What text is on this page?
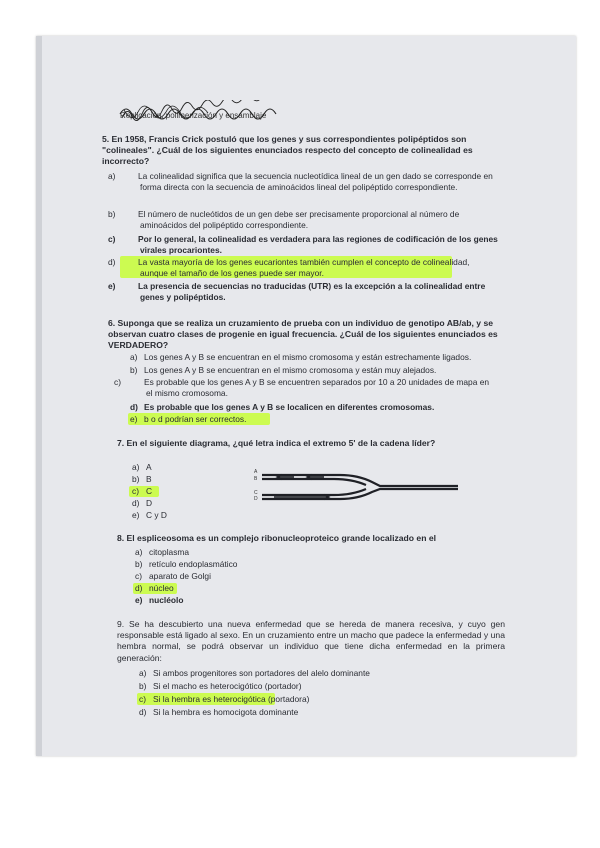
Replicación, polimerización y ensamblaje
5. En 1958, Francis Crick postuló que los genes y sus correspondientes polipéptidos son "colineales". ¿Cuál de los siguientes enunciados respecto del concepto de colinealidad es incorrecto?
a)	La colinealidad significa que la secuencia nucleotídica lineal de un gen dado se corresponde en forma directa con la secuencia de aminoácidos lineal del polipéptido correspondiente.
b)	El número de nucleótidos de un gen debe ser precisamente proporcional al número de aminoácidos del polipéptido correspondiente.
c)	Por lo general, la colinealidad es verdadera para las regiones de codificación de los genes virales procariontes.
d)	La vasta mayoría de los genes eucariontes también cumplen el concepto de colinealidad, aunque el tamaño de los genes puede ser mayor.
e)	La presencia de secuencias no traducidas (UTR) es la excepción a la colinealidad entre genes y polipéptidos.
6. Suponga que se realiza un cruzamiento de prueba con un individuo de genotipo AB/ab, y se observan cuatro clases de progenie en igual frecuencia. ¿Cuál de los siguientes enunciados es VERDADERO?
a) Los genes A y B se encuentran en el mismo cromosoma y están estrechamente ligados.
b) Los genes A y B se encuentran en el mismo cromosoma y están muy alejados.
c)	Es probable que los genes A y B se encuentren separados por 10 a 20 unidades de mapa en el mismo cromosoma.
d) Es probable que los genes A y B se localicen en diferentes cromosomas.
e) b o d podrían ser correctos.
7. En el siguiente diagrama, ¿qué letra indica el extremo 5' de la cadena líder?
a) A
b) B
c) C
d) D
e) C y D
A
B
C
D
8. El espliceosoma es un complejo ribonucleoproteico grande localizado en el
a) citoplasma
b) retículo endoplasmático
c) aparato de Golgi
d) núcleo
e) nucléolo
9. Se ha descubierto una nueva enfermedad que se hereda de manera recesiva, y cuyo gen responsable está ligado al sexo. En un cruzamiento entre un macho que padece la enfermedad y una hembra normal, se podrá observar un individuo que tiene dicha enfermedad en la primera generación:
a) Si ambos progenitores son portadores del alelo dominante
b) Si el macho es heterocigótico (portador)
c) Si la hembra es heterocigótica (portadora)
d) Si la hembra es homocigota dominante
